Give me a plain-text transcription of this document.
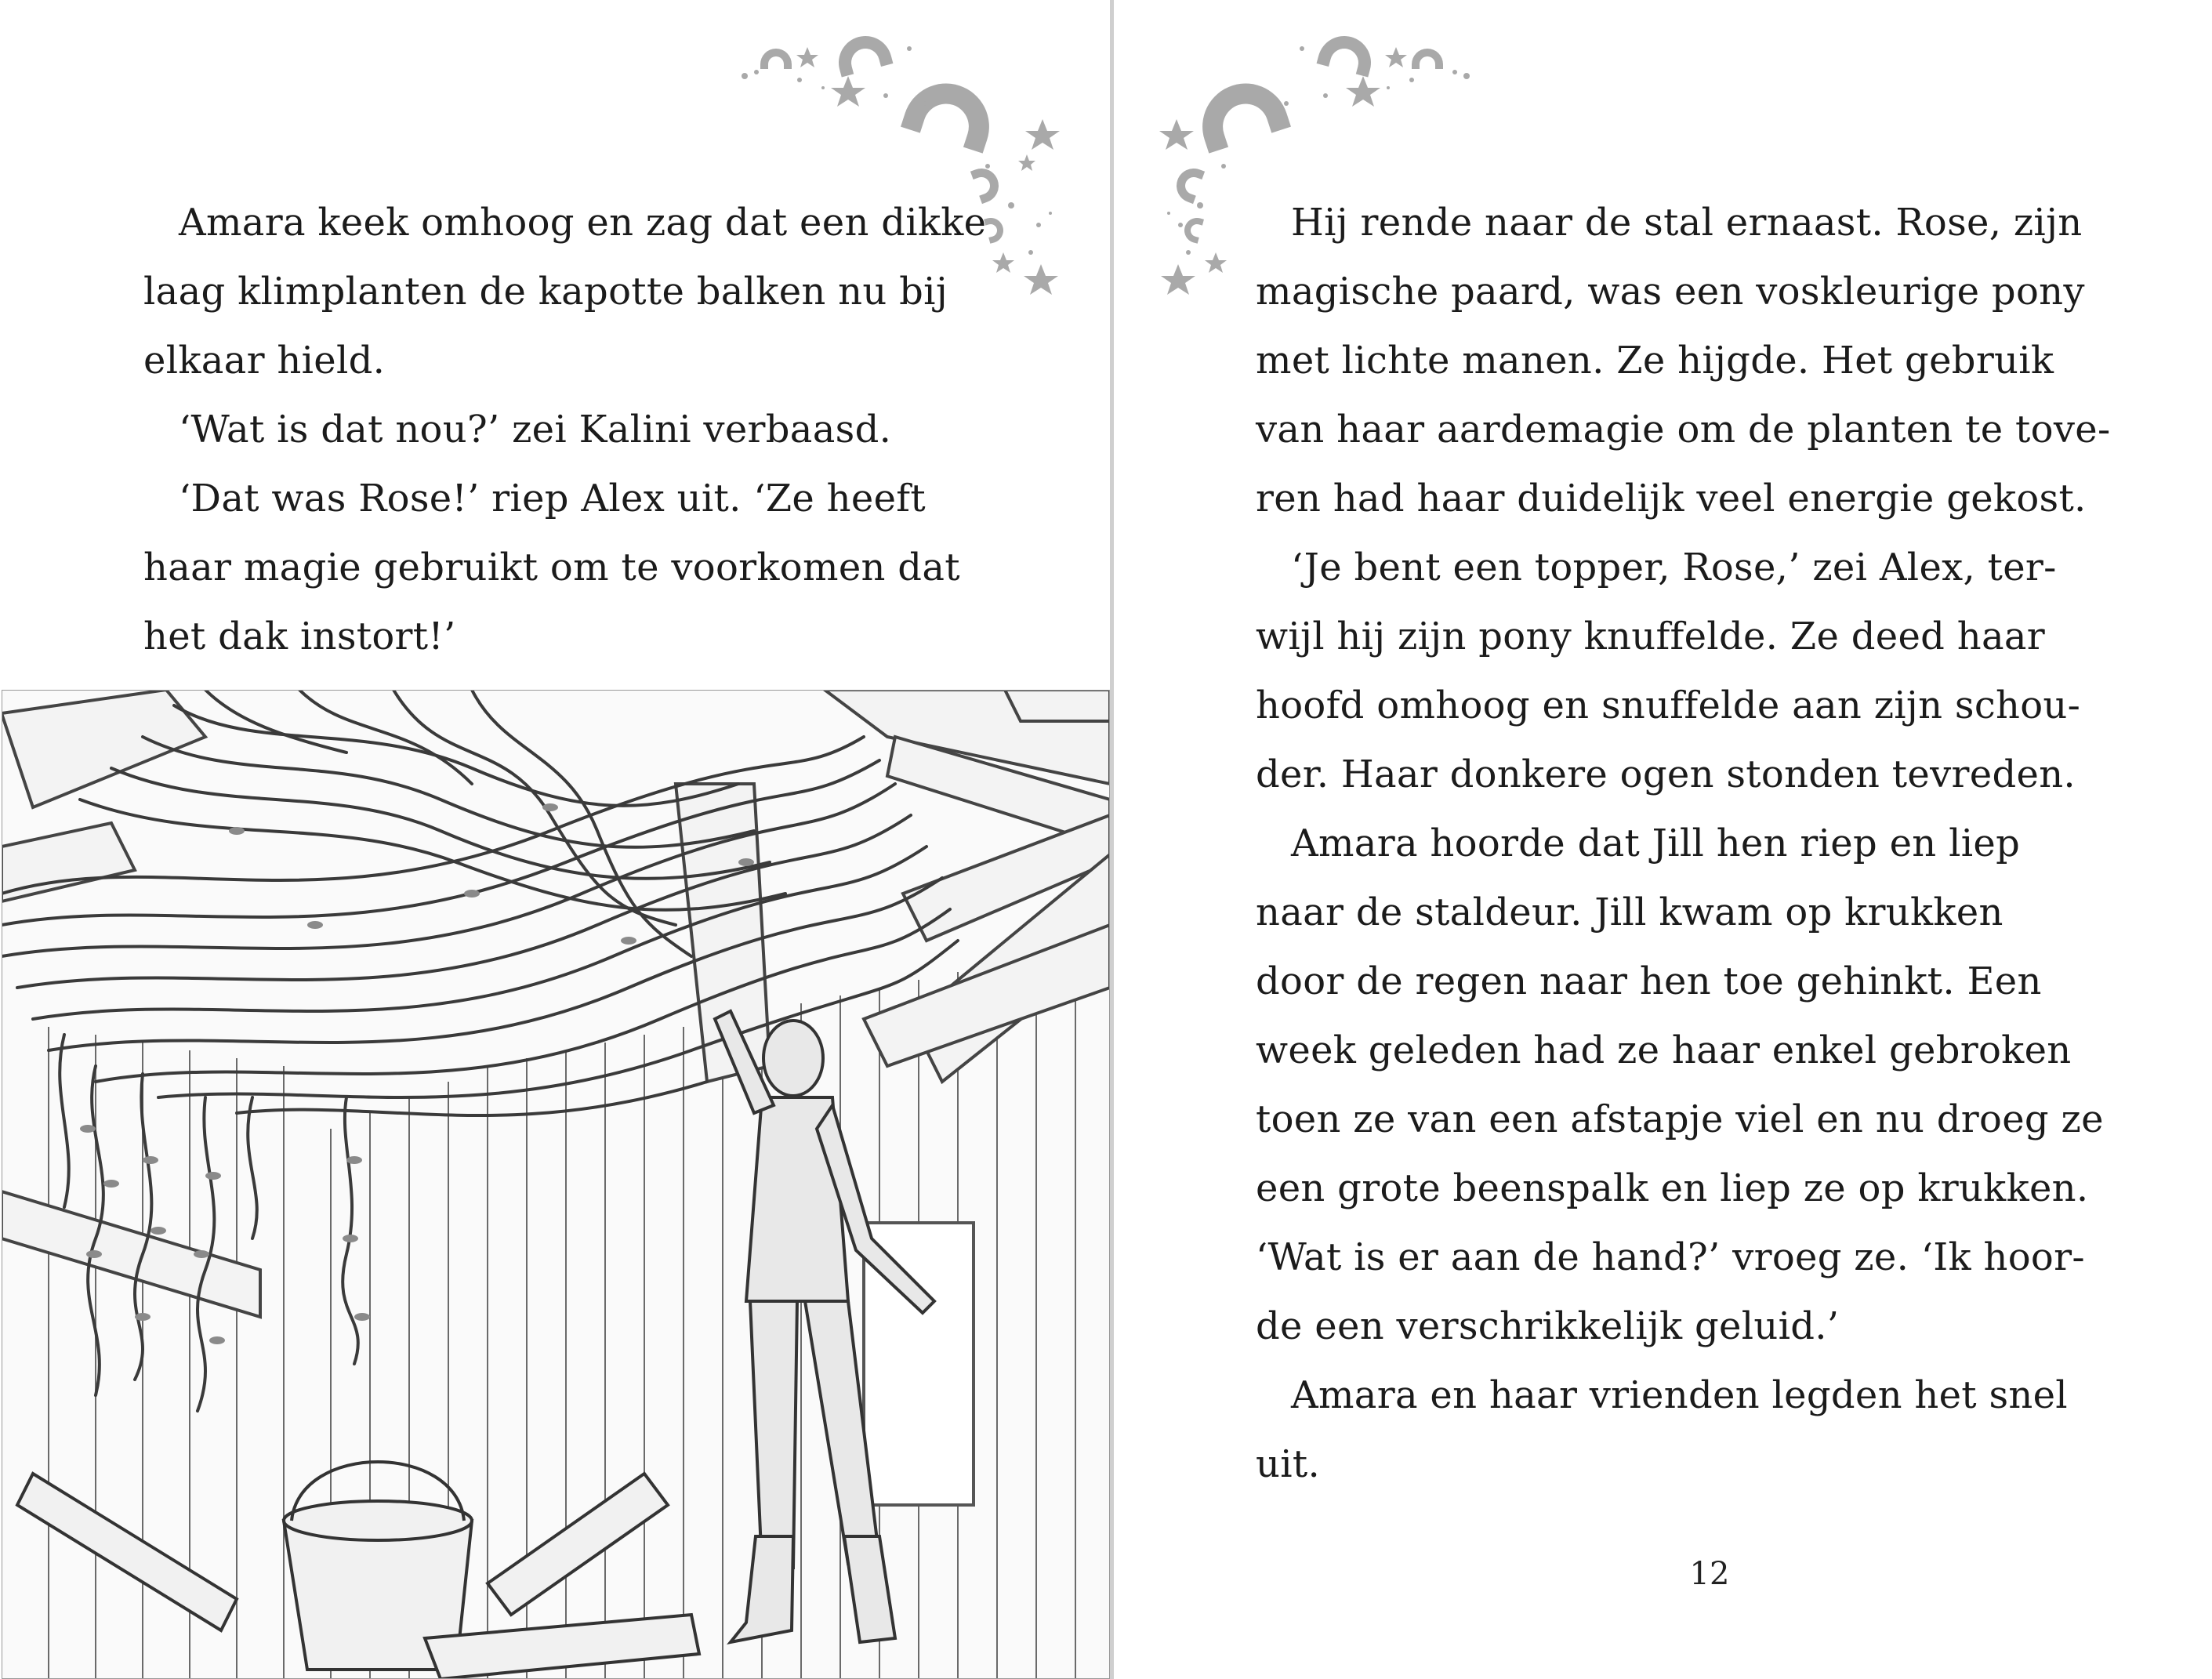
Amara keek omhoog en zag dat een dikke

laag klimplanten de kapotte balken nu bij

elkaar hield.

‘Wat is dat nou?’ zei Kalini verbaasd.

‘Dat was Rose!’ riep Alex uit. ‘Ze heeft

haar magie gebruikt om te voorkomen dat

het dak instort!’

Hij rende naar de stal ernaast. Rose, zijn

magische paard, was een voskleurige pony

met lichte manen. Ze hijgde. Het gebruik

van haar aardemagie om de planten te tove-

ren had haar duidelijk veel energie gekost.

‘Je bent een topper, Rose,’ zei Alex, ter-

wijl hij zijn pony knuffelde. Ze deed haar

hoofd omhoog en snuffelde aan zijn schou-

der. Haar donkere ogen stonden tevreden.

Amara hoorde dat Jill hen riep en liep

naar de staldeur. Jill kwam op krukken

door de regen naar hen toe gehinkt. Een

week geleden had ze haar enkel gebroken

toen ze van een afstapje viel en nu droeg ze

een grote beenspalk en liep ze op krukken.

‘Wat is er aan de hand?’ vroeg ze. ‘Ik hoor-

de een verschrikkelijk geluid.’

Amara en haar vrienden legden het snel

uit.

12
